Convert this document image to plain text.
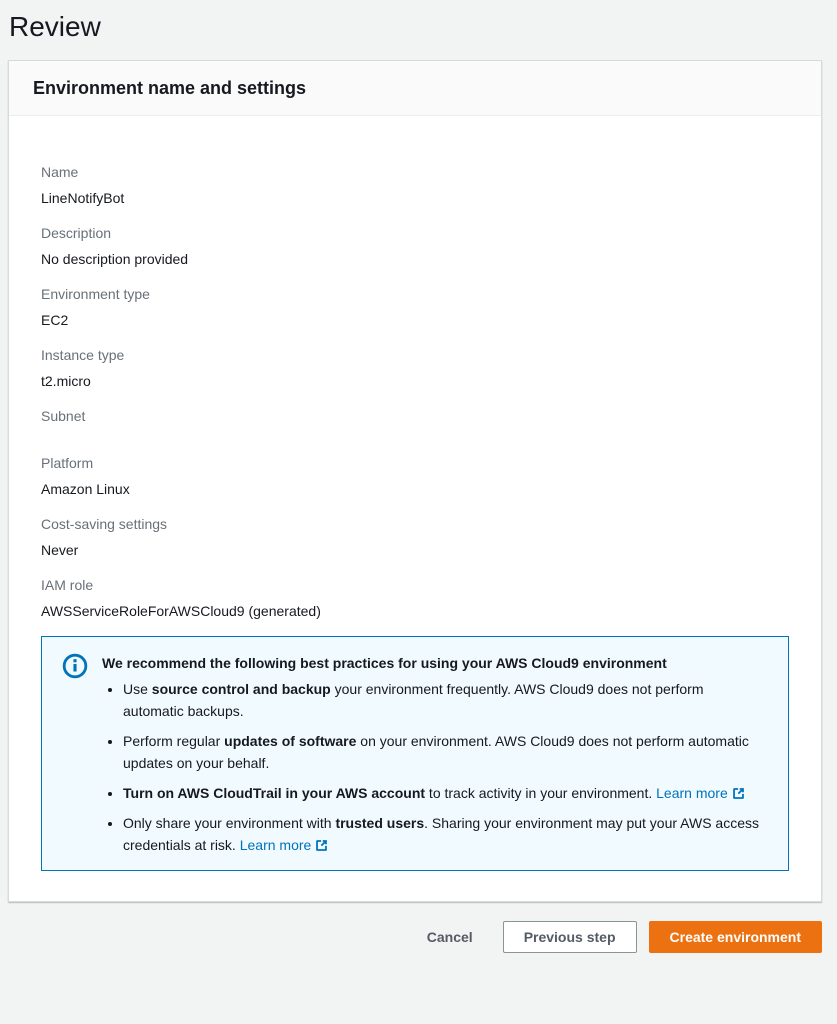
Review
Environment name and settings
Name
LineNotifyBot
Description
No description provided
Environment type
EC2
Instance type
t2.micro
Subnet
Platform
Amazon Linux
Cost-saving settings
Never
IAM role
AWSServiceRoleForAWSCloud9 (generated)
We recommend the following best practices for using your AWS Cloud9 environment
• Use source control and backup your environment frequently. AWS Cloud9 does not perform automatic backups.
• Perform regular updates of software on your environment. AWS Cloud9 does not perform automatic updates on your behalf.
• Turn on AWS CloudTrail in your AWS account to track activity in your environment. Learn more
• Only share your environment with trusted users. Sharing your environment may put your AWS access credentials at risk. Learn more
Cancel	Previous step	Create environment
